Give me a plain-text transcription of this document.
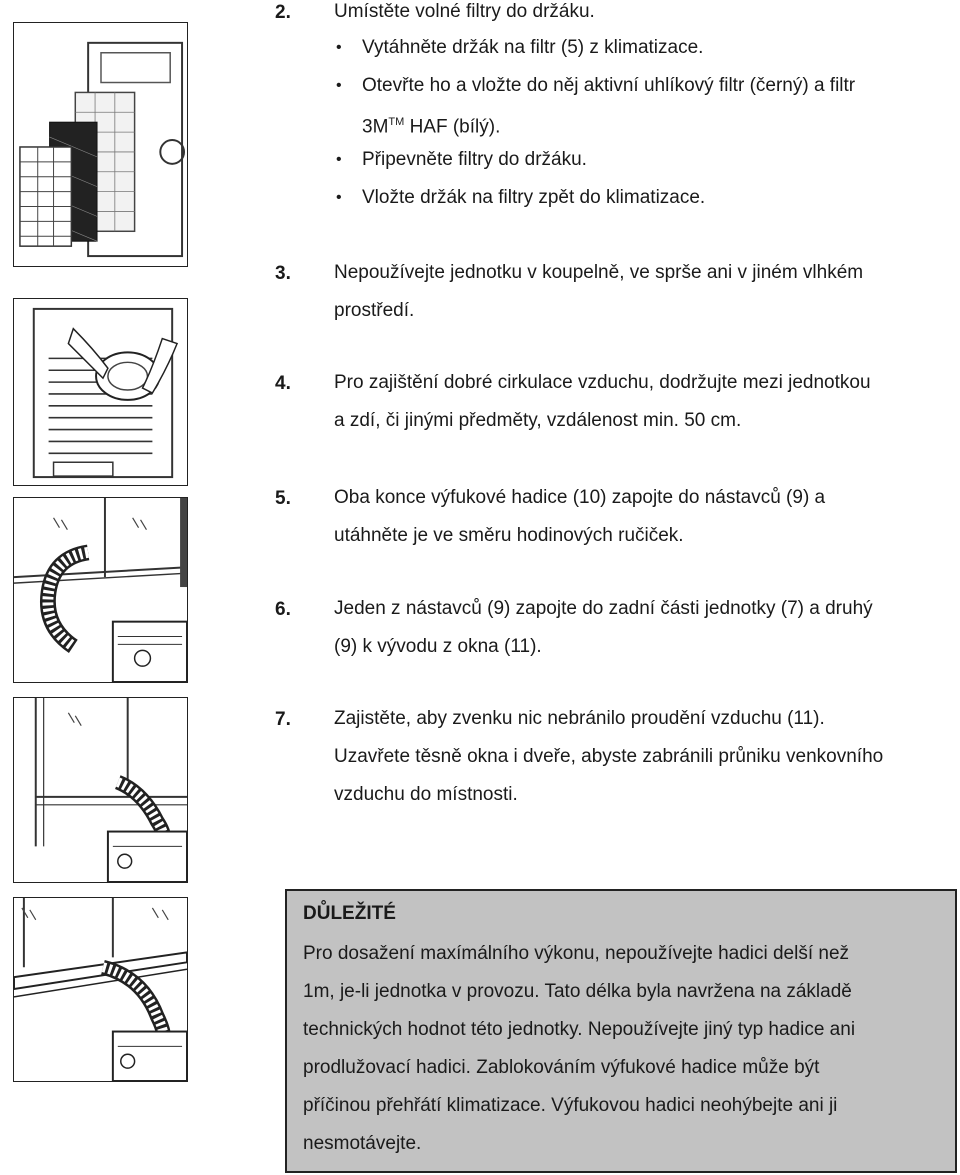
2. Umístěte volné filtry do držáku.
•	Vytáhněte držák na filtr (5) z klimatizace.
•	Otevřte ho a vložte do něj aktivní uhlíkový filtr (černý) a filtr
3M™ HAF (bílý).
•	Připevněte filtry do držáku.
•	Vložte držák na filtry zpět do klimatizace.
3. Nepoužívejte jednotku v koupelně, ve sprše ani v jiném vlhkém
prostředí.
4. Pro zajištění dobré cirkulace vzduchu, dodržujte mezi jednotkou
a zdí, či jinými předměty, vzdálenost min. 50 cm.
5. Oba konce výfukové hadice (10) zapojte do nástavců (9) a
utáhněte je ve směru hodinových ručiček.
6. Jeden z nástavců (9) zapojte do zadní části jednotky (7) a druhý
(9) k vývodu z okna (11).
7. Zajistěte, aby zvenku nic nebránilo proudění vzduchu (11).
Uzavřete těsně okna i dveře, abyste zabránili průniku venkovního
vzduchu do místnosti.
DŮLEŽITÉ
Pro dosažení maxímálního výkonu, nepoužívejte hadici delší než
1m, je-li jednotka v provozu. Tato délka byla navržena na základě
technických hodnot této jednotky. Nepoužívejte jiný typ hadice ani
prodlužovací hadici. Zablokováním výfukové hadice může být
příčinou přehřátí klimatizace. Výfukovou hadici neohýbejte ani ji
nesmotávejte.
